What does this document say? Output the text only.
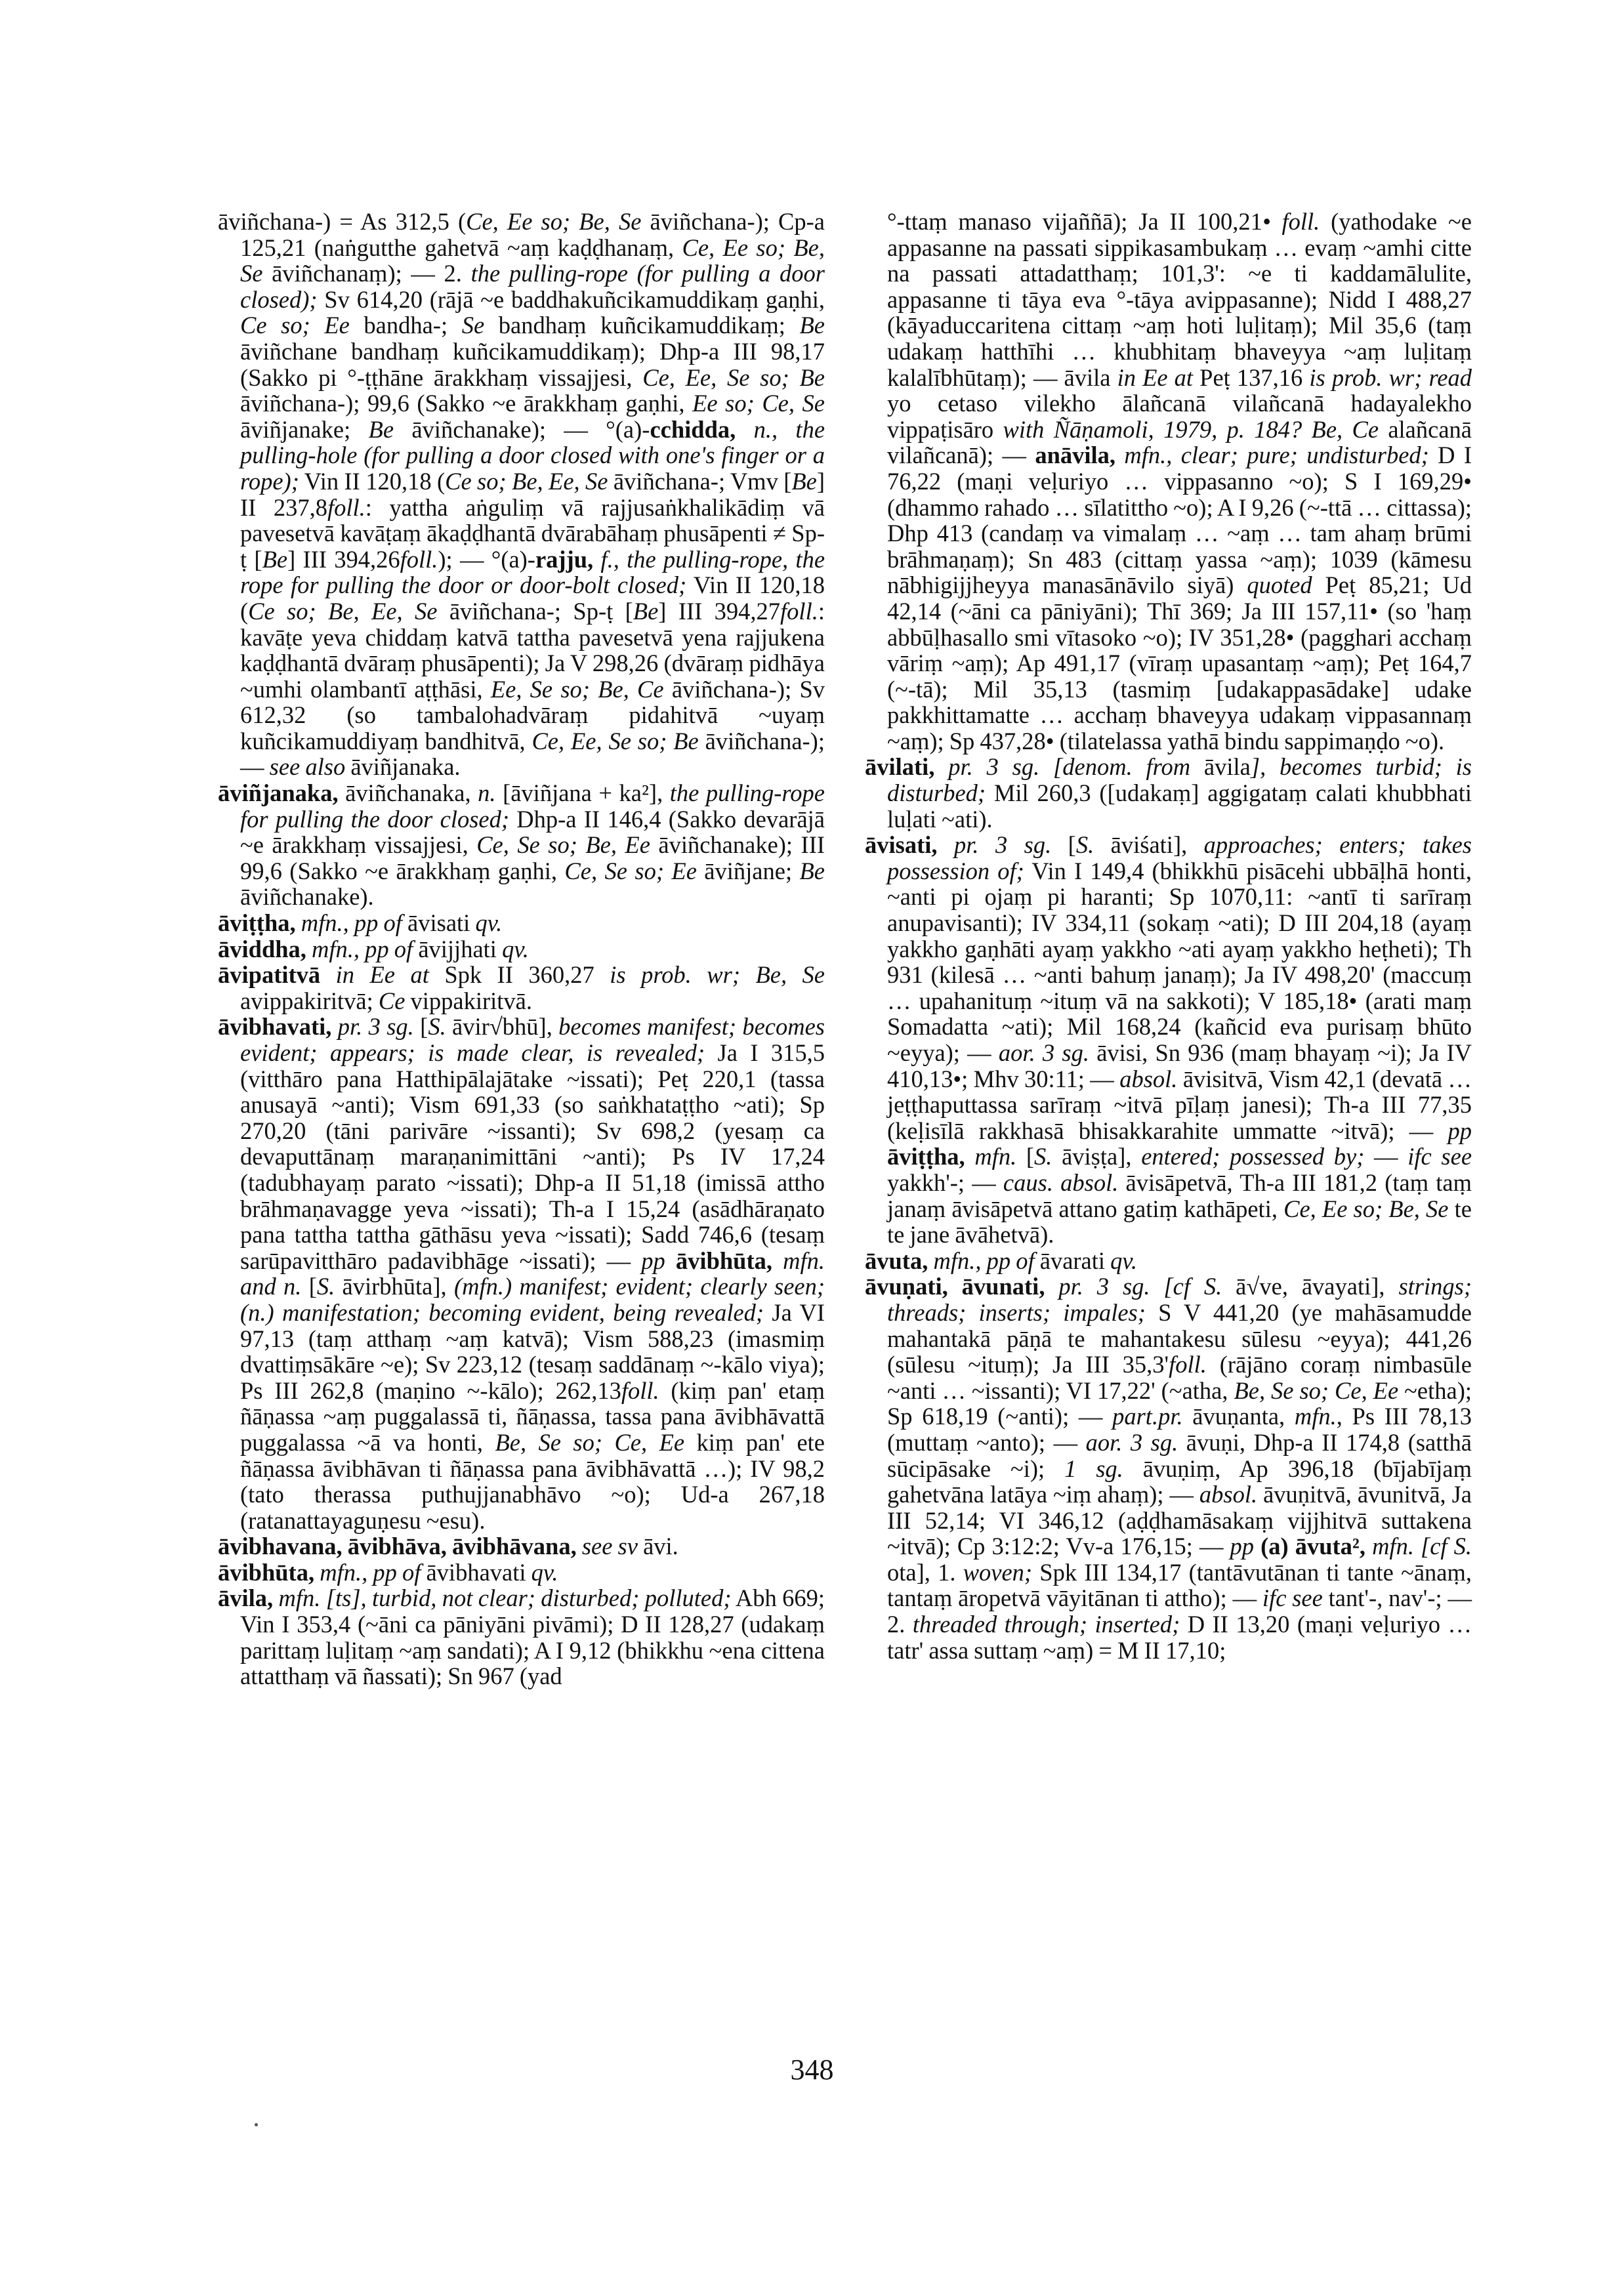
āviñchana-) = As 312,5 (Ce, Ee so; Be, Se āviñchana-); Cp-a 125,21 (naṅgutthe gahetvā ~aṃ kaḍḍhanaṃ, Ce, Ee so; Be, Se āviñchanaṃ); — 2. the pulling-rope (for pulling a door closed); Sv 614,20 (rājā ~e baddhakuñcikamuddikaṃ gaṇhi, Ce so; Ee bandha-; Se bandhaṃ kuñcikamuddikaṃ; Be āviñchane bandhaṃ kuñcikamuddikaṃ); Dhp-a III 98,17 (Sakko pi °-ṭṭhāne ārakkhaṃ vissajjesi, Ce, Ee, Se so; Be āviñchana-); 99,6 (Sakko ~e ārakkhaṃ gaṇhi, Ee so; Ce, Se āviñjanake; Be āviñchanake); — °(a)-cchidda, n., the pulling-hole (for pulling a door closed with one's finger or a rope); Vin II 120,18 (Ce so; Be, Ee, Se āviñchana-; Vmv [Be] II 237,8foll.: yattha aṅguliṃ vā rajjusaṅkhalikādiṃ vā pavesetvā kavāṭaṃ ākaḍḍhantā dvārabāhaṃ phusāpenti ≠ Sp-ṭ [Be] III 394,26foll.); — °(a)-rajju, f., the pulling-rope, the rope for pulling the door or door-bolt closed; Vin II 120,18 (Ce so; Be, Ee, Se āviñchana-; Sp-ṭ [Be] III 394,27foll.: kavāṭe yeva chiddaṃ katvā tattha pavesetvā yena rajjukena kaḍḍhantā dvāraṃ phusāpenti); Ja V 298,26 (dvāraṃ pidhāya ~umhi olambantī aṭṭhāsi, Ee, Se so; Be, Ce āviñchana-); Sv 612,32 (so tambalohadvāraṃ pidahitvā ~uyaṃ kuñcikamuddiyaṃ bandhitvā, Ce, Ee, Se so; Be āviñchana-); — see also āviñjanaka.

āviñjanaka, āviñchanaka, n. [āviñjana + ka²], the pulling-rope for pulling the door closed; Dhp-a II 146,4 (Sakko devarājā ~e ārakkhaṃ vissajjesi, Ce, Se so; Be, Ee āviñchanake); III 99,6 (Sakko ~e ārakkhaṃ gaṇhi, Ce, Se so; Ee āviñjane; Be āviñchanake).

āviṭṭha, mfn., pp of āvisati qv.

āviddha, mfn., pp of āvijjhati qv.

āvipatitvā in Ee at Spk II 360,27 is prob. wr; Be, Se avippakiritvā; Ce vippakiritvā.

āvibhavati, pr. 3 sg. [S. āvir√bhū], becomes manifest; becomes evident; appears; is made clear, is revealed; Ja I 315,5 (vitthāro pana Hatthipālajātake ~issati); Peṭ 220,1 (tassa anusayā ~anti); Vism 691,33 (so saṅkhataṭṭho ~ati); Sp 270,20 (tāni parivāre ~issanti); Sv 698,2 (yesaṃ ca devaputtānaṃ maraṇanimittāni ~anti); Ps IV 17,24 (tadubhayaṃ parato ~issati); Dhp-a II 51,18 (imissā attho brāhmaṇavagge yeva ~issati); Th-a I 15,24 (asādhāraṇato pana tattha tattha gāthāsu yeva ~issati); Sadd 746,6 (tesaṃ sarūpavitthāro padavibhāge ~issati); — pp āvibhūta, mfn. and n. [S. āvirbhūta], (mfn.) manifest; evident; clearly seen; (n.) manifestation; becoming evident, being revealed; Ja VI 97,13 (taṃ atthaṃ ~aṃ katvā); Vism 588,23 (imasmiṃ dvattiṃsākāre ~e); Sv 223,12 (tesaṃ saddānaṃ ~-kālo viya); Ps III 262,8 (maṇino ~-kālo); 262,13foll. (kiṃ pan' etaṃ ñāṇassa ~aṃ puggalassā ti, ñāṇassa, tassa pana āvibhāvattā puggalassa ~ā va honti, Be, Se so; Ce, Ee kiṃ pan' ete ñāṇassa āvibhāvan ti ñāṇassa pana āvibhāvattā …); IV 98,2 (tato therassa puthujjanabhāvo ~o); Ud-a 267,18 (ratanattayaguṇesu ~esu).

āvibhavana, āvibhāva, āvibhāvana, see sv āvi.

āvibhūta, mfn., pp of āvibhavati qv.

āvila, mfn. [ts], turbid, not clear; disturbed; polluted; Abh 669; Vin I 353,4 (~āni ca pāniyāni pivāmi); D II 128,27 (udakaṃ parittaṃ luḷitaṃ ~aṃ sandati); A I 9,12 (bhikkhu ~ena cittena attatthaṃ vā ñassati); Sn 967 (yad

°-ttaṃ manaso vijaññā); Ja II 100,21• foll. (yathodake ~e appasanne na passati sippikasambukaṃ … evaṃ ~amhi citte na passati attadatthaṃ; 101,3': ~e ti kaddamālulite, appasanne ti tāya eva °-tāya avippasanne); Nidd I 488,27 (kāyaduccaritena cittaṃ ~aṃ hoti luḷitaṃ); Mil 35,6 (taṃ udakaṃ hatthīhi … khubhitaṃ bhaveyya ~aṃ luḷitaṃ kalalībhūtaṃ); — āvila in Ee at Peṭ 137,16 is prob. wr; read yo cetaso vilekho ālañcanā vilañcanā hadayalekho vippaṭisāro with Ñāṇamoli, 1979, p. 184? Be, Ce alañcanā vilañcanā); — anāvila, mfn., clear; pure; undisturbed; D I 76,22 (maṇi veḷuriyo … vippasanno ~o); S I 169,29• (dhammo rahado … sīlatittho ~o); A I 9,26 (~-ttā … cittassa); Dhp 413 (candaṃ va vimalaṃ … ~aṃ … tam ahaṃ brūmi brāhmaṇaṃ); Sn 483 (cittaṃ yassa ~aṃ); 1039 (kāmesu nābhigijjheyya manasānāvilo siyā) quoted Peṭ 85,21; Ud 42,14 (~āni ca pāniyāni); Thī 369; Ja III 157,11• (so 'haṃ abbūḷhasallo smi vītasoko ~o); IV 351,28• (pagghari acchaṃ vāriṃ ~aṃ); Ap 491,17 (vīraṃ upasantaṃ ~aṃ); Peṭ 164,7 (~-tā); Mil 35,13 (tasmiṃ [udakappasādake] udake pakkhittamatte … acchaṃ bhaveyya udakaṃ vippasannaṃ ~aṃ); Sp 437,28• (tilatelassa yathā bindu sappimaṇḍo ~o).

āvilati, pr. 3 sg. [denom. from āvila], becomes turbid; is disturbed; Mil 260,3 ([udakaṃ] aggigataṃ calati khubbhati luḷati ~ati).

āvisati, pr. 3 sg. [S. āviśati], approaches; enters; takes possession of; Vin I 149,4 (bhikkhū pisācehi ubbāḷhā honti, ~anti pi ojaṃ pi haranti; Sp 1070,11: ~antī ti sarīraṃ anupavisanti); IV 334,11 (sokaṃ ~ati); D III 204,18 (ayaṃ yakkho gaṇhāti ayaṃ yakkho ~ati ayaṃ yakkho heṭheti); Th 931 (kilesā … ~anti bahuṃ janaṃ); Ja IV 498,20' (maccuṃ … upahanituṃ ~ituṃ vā na sakkoti); V 185,18• (arati maṃ Somadatta ~ati); Mil 168,24 (kañcid eva purisaṃ bhūto ~eyya); — aor. 3 sg. āvisi, Sn 936 (maṃ bhayaṃ ~i); Ja IV 410,13•; Mhv 30:11; — absol. āvisitvā, Vism 42,1 (devatā … jeṭṭhaputtassa sarīraṃ ~itvā pīḷaṃ janesi); Th-a III 77,35 (keḷisīlā rakkhasā bhisakkarahite ummatte ~itvā); — pp āviṭṭha, mfn. [S. āviṣṭa], entered; possessed by; — ifc see yakkh'-; — caus. absol. āvisāpetvā, Th-a III 181,2 (taṃ taṃ janaṃ āvisāpetvā attano gatiṃ kathāpeti, Ce, Ee so; Be, Se te te jane āvāhetvā).

āvuta, mfn., pp of āvarati qv.

āvuṇati, āvunati, pr. 3 sg. [cf S. ā√ve, āvayati], strings; threads; inserts; impales; S V 441,20 (ye mahāsamudde mahantakā pāṇā te mahantakesu sūlesu ~eyya); 441,26 (sūlesu ~ituṃ); Ja III 35,3'foll. (rājāno coraṃ nimbasūle ~anti … ~issanti); VI 17,22' (~atha, Be, Se so; Ce, Ee ~etha); Sp 618,19 (~anti); — part.pr. āvuṇanta, mfn., Ps III 78,13 (muttaṃ ~anto); — aor. 3 sg. āvuṇi, Dhp-a II 174,8 (satthā sūcipāsake ~i); 1 sg. āvuṇiṃ, Ap 396,18 (bījabījaṃ gahetvāna latāya ~iṃ ahaṃ); — absol. āvuṇitvā, āvunitvā, Ja III 52,14; VI 346,12 (aḍḍhamāsakaṃ vijjhitvā suttakena ~itvā); Cp 3:12:2; Vv-a 176,15; — pp (a) āvuta², mfn. [cf S. ota], 1. woven; Spk III 134,17 (tantāvutānan ti tante ~ānaṃ, tantaṃ āropetvā vāyitānan ti attho); — ifc see tant'-, nav'-; — 2. threaded through; inserted; D II 13,20 (maṇi veḷuriyo … tatr' assa suttaṃ ~aṃ) = M II 17,10;

348
